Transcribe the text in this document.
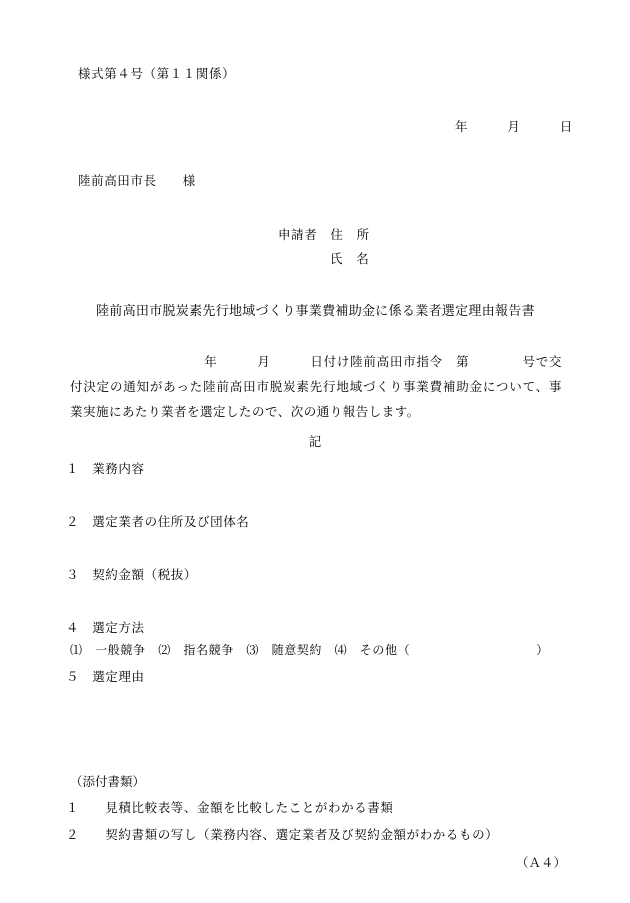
様式第４号（第１１関係）
年　　　月　　　日
陸前高田市長　　様
申請者　住　所
氏　名
陸前高田市脱炭素先行地域づくり事業費補助金に係る業者選定理由報告書
　　　　　年　　　月　　　日付け陸前高田市指令　第　　　　号で交付決定の通知があった陸前高田市脱炭素先行地域づくり事業費補助金について、事業実施にあたり業者を選定したので、次の通り報告します。
記
１　業務内容
２　選定業者の住所及び団体名
３　契約金額（税抜）
４　選定方法
⑴　一般競争　⑵　指名競争　⑶　随意契約　⑷　その他（　　　　　　　　　　）
５　選定理由
（添付書類）
１　　見積比較表等、金額を比較したことがわかる書類
２　　契約書類の写し（業務内容、選定業者及び契約金額がわかるもの）
（Ａ４）
